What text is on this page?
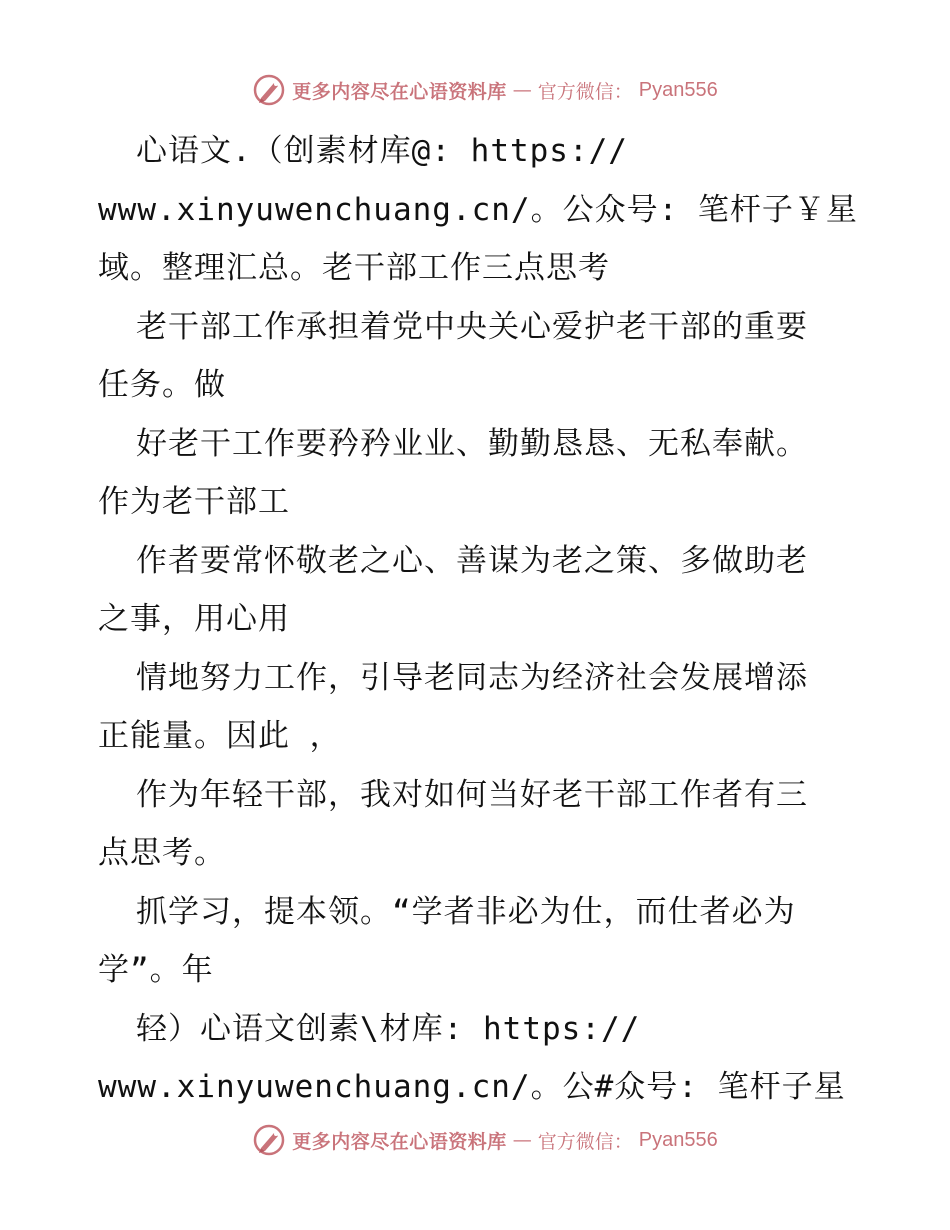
更多内容尽在心语资料库 — 官方微信： Pyan556
心语文.（创素材库@: https://
www.xinyuwenchuang.cn/。公众号: 笔杆子￥星
域。整理汇总。老干部工作三点思考
老干部工作承担着党中央关心爱护老干部的重要
任务。做
好老干工作要矜矜业业、勤勤恳恳、无私奉献。
作为老干部工
作者要常怀敬老之心、善谋为老之策、多做助老
之事，用心用
情地努力工作，引导老同志为经济社会发展增添
正能量。因此 ，
作为年轻干部，我对如何当好老干部工作者有三
点思考。
抓学习，提本领。“学者非必为仕，而仕者必为
学”。年
轻）心语文创素\材库: https://
www.xinyuwenchuang.cn/。公#众号: 笔杆子星
更多内容尽在心语资料库 — 官方微信： Pyan556
